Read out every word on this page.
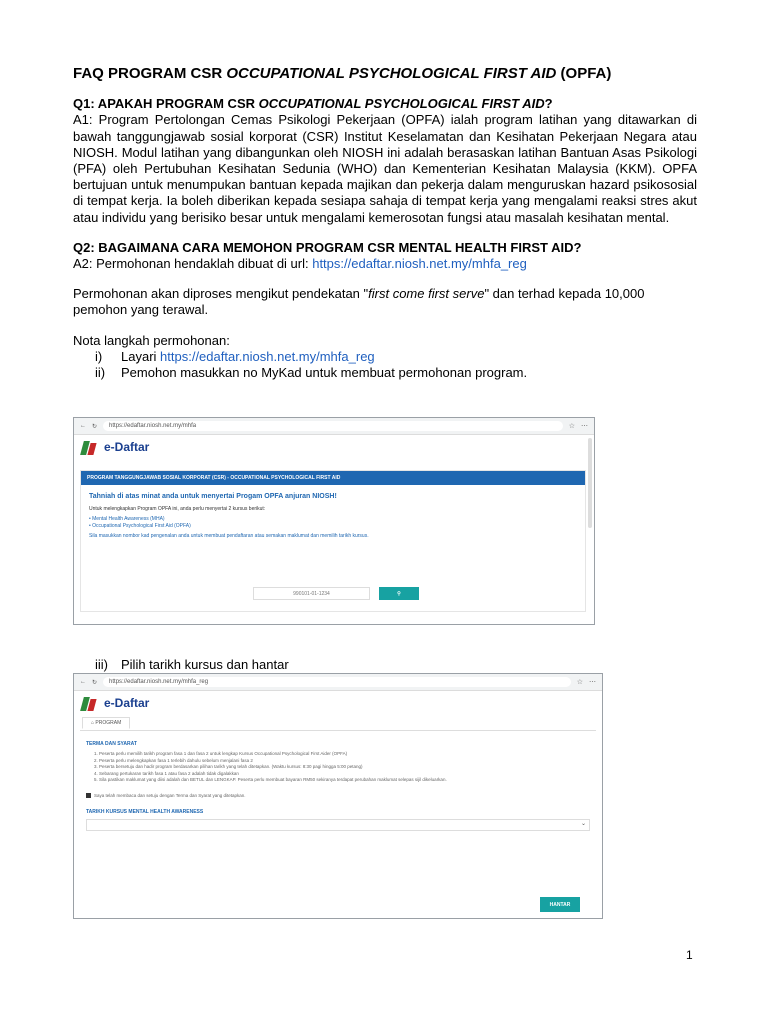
FAQ PROGRAM CSR OCCUPATIONAL PSYCHOLOGICAL FIRST AID (OPFA)

Q1: APAKAH PROGRAM CSR OCCUPATIONAL PSYCHOLOGICAL FIRST AID?

A1: Program Pertolongan Cemas Psikologi Pekerjaan (OPFA) ialah program latihan yang ditawarkan di bawah tanggungjawab sosial korporat (CSR) Institut Keselamatan dan Kesihatan Pekerjaan Negara atau NIOSH. Modul latihan yang dibangunkan oleh NIOSH ini adalah berasaskan latihan Bantuan Asas Psikologi (PFA) oleh Pertubuhan Kesihatan Sedunia (WHO) dan Kementerian Kesihatan Malaysia (KKM). OPFA bertujuan untuk menumpukan bantuan kepada majikan dan pekerja dalam menguruskan hazard psikososial di tempat kerja. Ia boleh diberikan kepada sesiapa sahaja di tempat kerja yang mengalami reaksi stres akut atau individu yang berisiko besar untuk mengalami kemerosotan fungsi atau masalah kesihatan mental.

Q2: BAGAIMANA CARA MEMOHON PROGRAM CSR MENTAL HEALTH FIRST AID?

A2: Permohonan hendaklah dibuat di url: https://edaftar.niosh.net.my/mhfa_reg

Permohonan akan diproses mengikut pendekatan "first come first serve" dan terhad kepada 10,000 pemohon yang terawal.

Nota langkah permohonan:

i)	Layari https://edaftar.niosh.net.my/mhfa_reg
ii)	Pemohon masukkan no MyKad untuk membuat permohonan program.
← ↻ https://edaftar.niosh.net.my/mhfa	☆ ⋯
e-Daftar
PROGRAM TANGGUNGJAWAB SOSIAL KORPORAT (CSR) - OCCUPATIONAL PSYCHOLOGICAL FIRST AID
Tahniah di atas minat anda untuk menyertai Progam OPFA anjuran NIOSH!
Untuk melengkapkan Program OPFA ini, anda perlu menyertai 2 kursus berikut:
• Mental Health Awareness (MHA)
• Occupational Psychological First Aid (OPFA)
Sila masukkan nombor kad pengenalan anda untuk membuat pendaftaran atau semakan maklumat dan memilih tarikh kursus.
990101-01-1234	⚲
iii)	Pilih tarikh kursus dan hantar
← ↻ https://edaftar.niosh.net.my/mhfa_reg	☆ ⋯
e-Daftar
⌂ PROGRAM
TERMA DAN SYARAT
1. Peserta perlu memilih tarikh program fasa 1 dan fasa 2 untuk lengkap Kursus Occupational Psychological First Aider (OPFA)
2. Peserta perlu melengkapkan fasa 1 terlebih dahulu sebelum menjalani fasa 2
3. Peserta bersetuju dan hadir program berdasarkan pilihan tarikh yang telah ditetapkan. (Waktu kursus: 8:30 pagi hingga 5:00 petang)
4. Sebarang pertukaran tarikh fasa 1 atau fasa 2 adalah tidak digalakkan
5. Sila pastikan maklumat yang diisi adalah dan BETUL dan LENGKAP. Peserta perlu membuat bayaran RM50 sekiranya terdapat perubahan maklumat selepas sijil dikeluarkan.
Saya telah membaca dan setuju dengan Terma dan Syarat yang ditetapkan.
TARIKH KURSUS MENTAL HEALTH AWARENESS
⌄
HANTAR
1
